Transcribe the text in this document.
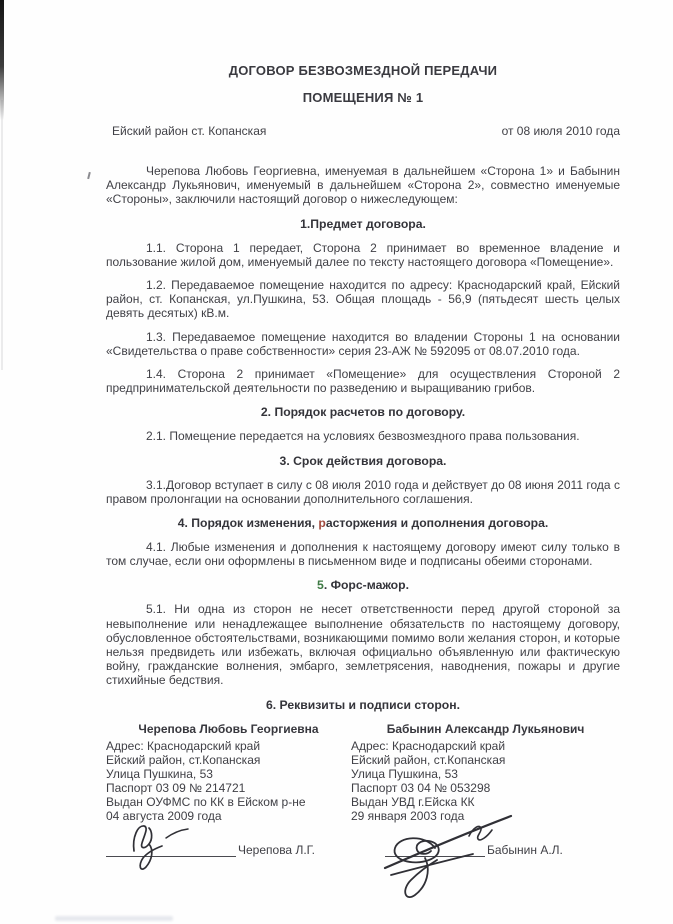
ДОГОВОР БЕЗВОЗМЕЗДНОЙ ПЕРЕДАЧИ
ПОМЕЩЕНИЯ № 1
Ейский район ст. Копанская	от 08 июля 2010 года

Черепова Любовь Георгиевна, именуемая в дальнейшем «Сторона 1» и Бабынин Александр Лукьянович, именуемый в дальнейшем «Сторона 2», совместно именуемые «Стороны», заключили настоящий договор о нижеследующем:

1.Предмет договора.

1.1. Сторона 1 передает, Сторона 2 принимает во временное владение и пользование жилой дом, именуемый далее по тексту настоящего договора «Помещение».

1.2. Передаваемое помещение находится по адресу: Краснодарский край, Ейский район, ст. Копанская, ул.Пушкина, 53. Общая площадь - 56,9 (пятьдесят шесть целых девять десятых) кВ.м.

1.3. Передаваемое помещение находится во владении Стороны 1 на основании «Свидетельства о праве собственности» серия 23-АЖ № 592095 от 08.07.2010 года.

1.4. Сторона 2 принимает «Помещение» для осуществления Стороной 2 предпринимательской деятельности по разведению и выращиванию грибов.

2. Порядок расчетов по договору.

2.1. Помещение передается на условиях безвозмездного права пользования.

3. Срок действия договора.

3.1.Договор вступает в силу с 08 июля 2010 года и действует до 08 июня 2011 года с правом пролонгации на основании дополнительного соглашения.

4. Порядок изменения, расторжения и дополнения договора.

4.1. Любые изменения и дополнения к настоящему договору имеют силу только в том случае, если они оформлены в письменном виде и подписаны обеими сторонами.

5. Форс-мажор.

5.1. Ни одна из сторон не несет ответственности перед другой стороной за невыполнение или ненадлежащее выполнение обязательств по настоящему договору, обусловленное обстоятельствами, возникающими помимо воли желания сторон, и которые нельзя предвидеть или избежать, включая официально объявленную или фактическую войну, гражданские волнения, эмбарго, землетрясения, наводнения, пожары и другие стихийные бедствия.

6. Реквизиты и подписи сторон.
Черепова Любовь Георгиевна
Адрес: Краснодарский край
Ейский район, ст.Копанская
Улица Пушкина, 53
Паспорт 03 09 № 214721
Выдан ОУФМС по КК в Ейском р-не
04 августа 2009 года
Бабынин Александр Лукьянович
Адрес: Краснодарский край
Ейский район, ст.Копанская
Улица Пушкина, 53
Паспорт 03 04 № 053298
Выдан УВД г.Ейска КК
29 января 2003 года
Черепова Л.Г.	Бабынин А.Л.
